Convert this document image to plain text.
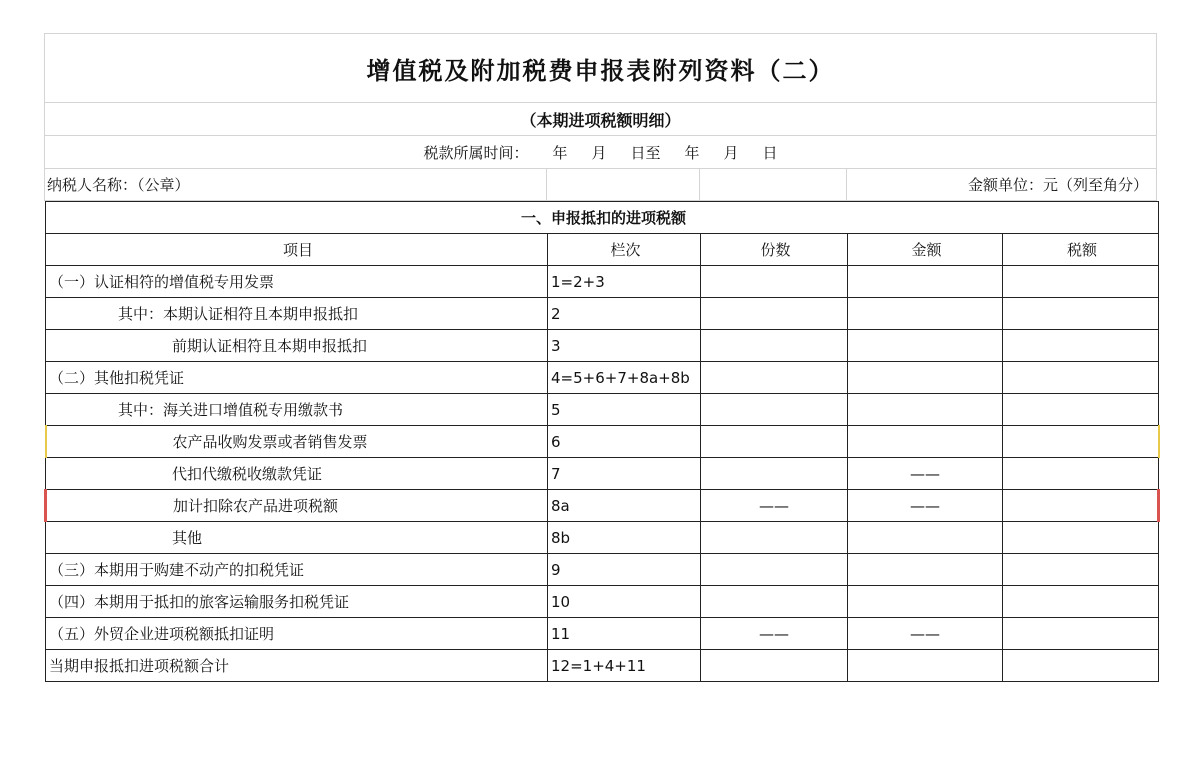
增值税及附加税费申报表附列资料（二）
（本期进项税额明细）
税款所属时间： 年 月 日至 年 月 日
纳税人名称：（公章）	金额单位：元（列至角分）
一、申报抵扣的进项税额				
项目	栏次	份数	金额	税额
（一）认证相符的增值税专用发票	1=2+3			
其中：本期认证相符且本期申报抵扣	2			
前期认证相符且本期申报抵扣	3			
（二）其他扣税凭证	4=5+6+7+8a+8b			
其中：海关进口增值税专用缴款书	5			
农产品收购发票或者销售发票	6			
代扣代缴税收缴款凭证	7		——	
加计扣除农产品进项税额	8a	——	——	
其他	8b			
（三）本期用于购建不动产的扣税凭证	9			
（四）本期用于抵扣的旅客运输服务扣税凭证	10			
（五）外贸企业进项税额抵扣证明	11	——	——	
当期申报抵扣进项税额合计	12=1+4+11			
